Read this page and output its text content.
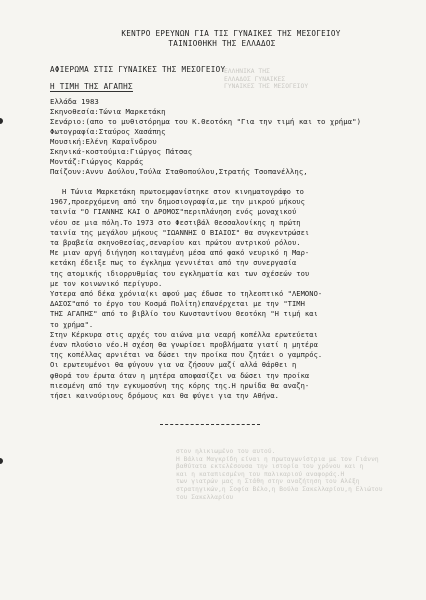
ΕΛΛΗΝΙΚΑ ΤΗΣ
ΕΛΛΑΔΟΣ ΓΥΝΑΙΚΕΣ
ΓΥΝΑΙΚΕΣ ΤΗΣ ΜΕΣΟΓΕΙΟΥ
ΚΕΝΤΡΟ ΕΡΕΥΝΩΝ ΓΙΑ ΤΙΣ ΓΥΝΑΙΚΕΣ ΤΗΣ ΜΕΣΟΓΕΙΟΥ
ΤΑΙΝΙΟΘΗΚΗ ΤΗΣ ΕΛΛΑΔΟΣ
ΑΦΙΕΡΩΜΑ ΣΤΙΣ ΓΥΝΑΙΚΕΣ ΤΗΣ ΜΕΣΟΓΕΙΟΥ
Η ΤΙΜΗ ΤΗΣ ΑΓΑΠΗΣ
Ελλάδα 1983
Σκηνοθεσία:Τώνια Μαρκετάκη
Σενάριο:(απο το μυθιστόρημα του Κ.Θεοτόκη "Για την τιμή και το χρήμα")
Φωτογραφία:Σταύρος Χασάπης
Μουσική:Ελένη Καραϊνδρου
Σκηνικά-κοστούμια:Γιώργος Πάτσας
Μοντάζ:Γιώργος Καρράς
Παίζουν:Αννυ Δούλου,Τούλα Σταθοπούλου,Στρατής Τσοπανέλλης,
Η Τώνια Μαρκετάκη πρωτοεμφανίστηκε στον κινηματογράφο το
1967,προερχόμενη από την δημοσιογραφία,με την μικρού μήκους
ταινία "Ο ΓΙΑΝΝΗΣ ΚΑΙ Ο ΔΡΟΜΟΣ"περιπλάνηση ενός μοναχικού
νέου σε μια πόλη.Το 1973 στο Φεστιβάλ Θεσσαλονίκης η πρώτη
ταινία της μεγάλου μήκους "ΙΩΑΝΝΗΣ Ο ΒΙΑΙΟΣ" θα συγκεντρώσει
τα βραβεία σκηνοθεσίας,σεναρίου και πρώτου αντρικού ρόλου.
Με μιαν αργή διήγηση κοιταγμένη μέσα από φακό νευρικό η Μαρ-
κετάκη έδειξε πως το έγκλημα γεννιέται από την συνεργασία
της ατομικής ιδιορρυθμίας του εγκληματία και των σχέσεών του
με τον κοινωνικό περίγυρο.
Υστερα από δέκα χρόνια(κι αφού μας έδωσε το τηλεοπτικό "ΛΕΜΟΝΟ-
ΔΑΣΟΣ"από το έργο του Κοσμά Πολίτη)επανέρχεται με την "ΤΙΜΗ
ΤΗΣ ΑΓΑΠΗΣ" από το βιβλίο του Κωνσταντίνου Θεοτόκη "Η τιμή και
το χρήμα".
Στην Κέρκυρα στις αρχές του αιώνα μια νεαρή κοπέλλα ερωτεύεται
έναν πλούσιο νέο.Η σχέση θα γνωρίσει προβλήματα γιατί η μητέρα
της κοπέλλας αρνιέται να δώσει την προίκα που ζητάει ο γαμπρός.
Οι ερωτευμένοι θα φύγουν για να ζήσουν μαζί αλλά θάρθει η
φθορά του έρωτα όταν η μητέρα αποφασίζει να δώσει την προίκα
πιεσμένη από την εγκυμοσύνη της κόρης της.Η ηρωίδα θα αναζη-
τήσει καινούριους δρόμους και θα φύγει για την Αθήνα.
στον ηλικιωμένο του αυτού.
Η Βάλια Μαγκρίδη είναι η πρωταγωνίστρια με τον Γιάννη
βαθύτατα εκτελέσουσα την ιστορία του χρόνου και η
και η καταπιεσμένη του παλικαριού αναφοράς.Η
των γιατρών μας η Στάθη στην αναζήτηση του Αλέξη
στρατηγικών,η Σοφία Βέλο,η Βούλα Σακελλαρίου,η Ελιώτου
του Σακελλαρίου
